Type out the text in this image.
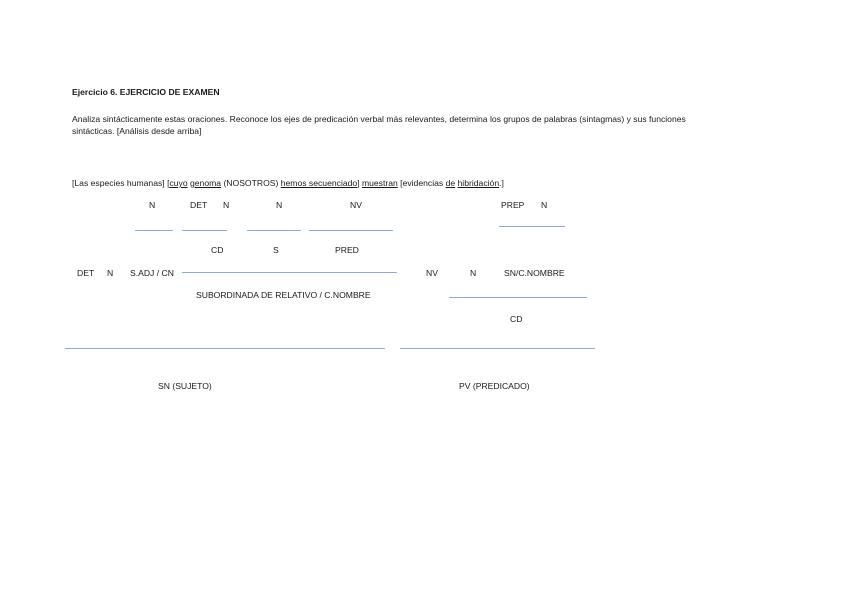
Ejercicio 6. EJERCICIO DE EXAMEN
Analiza sintácticamente estas oraciones. Reconoce los ejes de predicación verbal más relevantes, determina los grupos de palabras (sintagmas) y sus funciones
sintácticas. [Análisis desde arriba]
[Las especies humanas] [cuyo genoma (NOSOTROS) hemos secuenciado] muestran [evidencias de hibridación.]
N	DET N	N	NV	PREP N
CD	S	PRED
DET N S.ADJ / CN	NV	N	SN/C.NOMBRE
SUBORDINADA DE RELATIVO / C.NOMBRE
CD
SN (SUJETO)	PV (PREDICADO)
